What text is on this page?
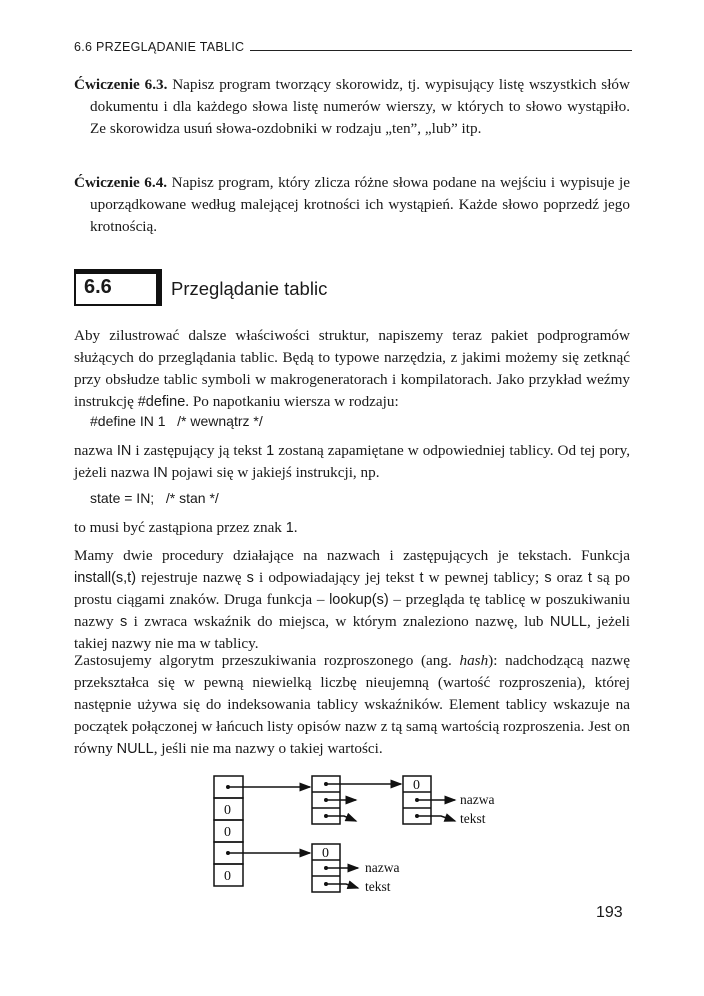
6.6 PRZEGLĄDANIE TABLIC
Ćwiczenie 6.3. Napisz program tworzący skorowidz, tj. wypisujący listę wszystkich słów dokumentu i dla każdego słowa listę numerów wierszy, w których to słowo wystąpiło. Ze skorowidza usuń słowa-ozdobniki w rodzaju „ten”, „lub” itp.
Ćwiczenie 6.4. Napisz program, który zlicza różne słowa podane na wejściu i wypisuje je uporządkowane według malejącej krotności ich wystąpień. Każde słowo poprzedź jego krotnością.
6.6	Przeglądanie tablic
Aby zilustrować dalsze właściwości struktur, napiszemy teraz pakiet podprogramów służących do przeglądania tablic. Będą to typowe narzędzia, z jakimi możemy się zetknąć przy obsłudze tablic symboli w makrogeneratorach i kompilatorach. Jako przykład weźmy instrukcję #define. Po napotkaniu wiersza w rodzaju:
#define IN 1   /* wewnątrz */
nazwa IN i zastępujący ją tekst 1 zostaną zapamiętane w odpowiedniej tablicy. Od tej pory, jeżeli nazwa IN pojawi się w jakiejś instrukcji, np.
state = IN;   /* stan */
to musi być zastąpiona przez znak 1.
Mamy dwie procedury działające na nazwach i zastępujących je tekstach. Funkcja install(s,t) rejestruje nazwę s i odpowiadający jej tekst t w pewnej tablicy; s oraz t są po prostu ciągami znaków. Druga funkcja – lookup(s) – przegląda tę tablicę w poszukiwaniu nazwy s i zwraca wskaźnik do miejsca, w którym znaleziono nazwę, lub NULL, jeżeli takiej nazwy nie ma w tablicy.
Zastosujemy algorytm przeszukiwania rozproszonego (ang. hash): nadchodzącą nazwę przekształca się w pewną niewielką liczbę nieujemną (wartość rozproszenia), której następnie używa się do indeksowania tablicy wskaźników. Element tablicy wskazuje na początek połączonej w łańcuch listy opisów nazw z tą samą wartością rozproszenia. Jest on równy NULL, jeśli nie ma nazwy o takiej wartości.
0
0
0
0
0
nazwa
tekst
nazwa
tekst
193
